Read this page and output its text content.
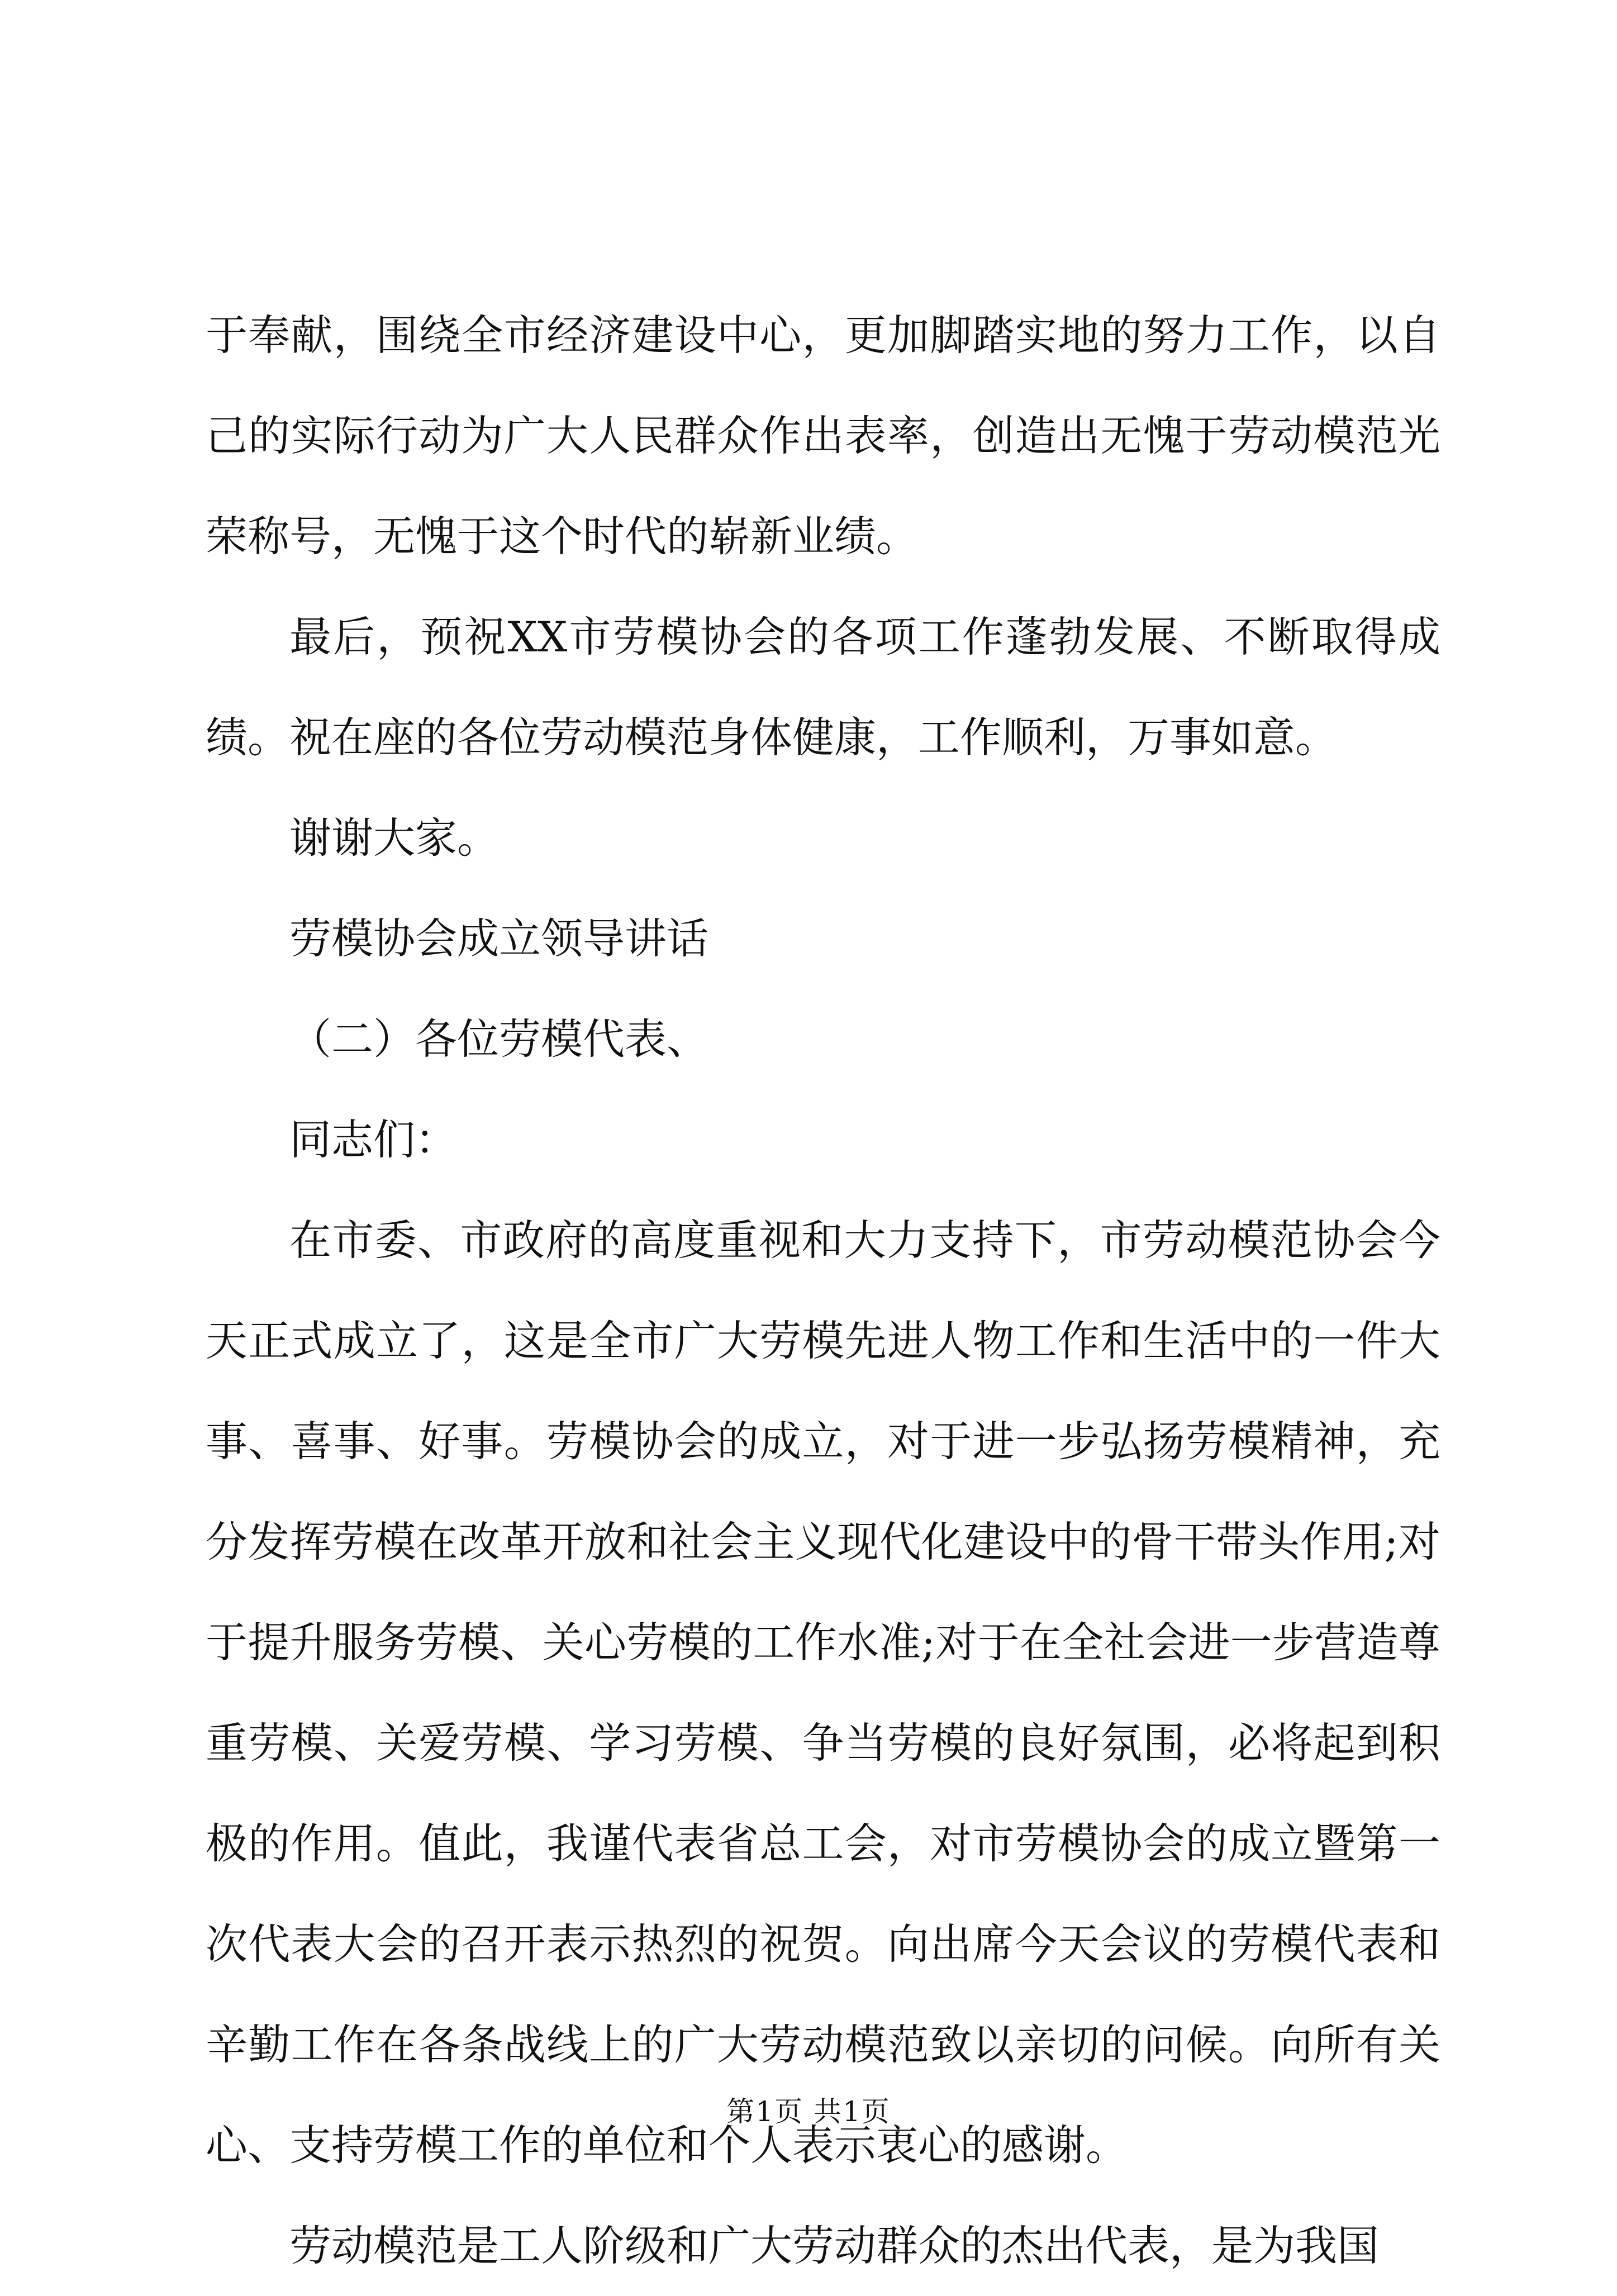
于奉献，围绕全市经济建设中心，更加脚踏实地的努力工作，以自己的实际行动为广大人民群众作出表率，创造出无愧于劳动模范光荣称号，无愧于这个时代的崭新业绩。

最后，预祝XX市劳模协会的各项工作蓬勃发展、不断取得成绩。祝在座的各位劳动模范身体健康，工作顺利，万事如意。

谢谢大家。

劳模协会成立领导讲话

（二）各位劳模代表、

同志们：

在市委、市政府的高度重视和大力支持下，市劳动模范协会今天正式成立了，这是全市广大劳模先进人物工作和生活中的一件大事、喜事、好事。劳模协会的成立，对于进一步弘扬劳模精神，充分发挥劳模在改革开放和社会主义现代化建设中的骨干带头作用;对于提升服务劳模、关心劳模的工作水准;对于在全社会进一步营造尊重劳模、关爱劳模、学习劳模、争当劳模的良好氛围，必将起到积极的作用。值此，我谨代表省总工会，对市劳模协会的成立暨第一次代表大会的召开表示热烈的祝贺。向出席今天会议的劳模代表和辛勤工作在各条战线上的广大劳动模范致以亲切的问候。向所有关心、支持劳模工作的单位和个人表示衷心的感谢。

劳动模范是工人阶级和广大劳动群众的杰出代表，是为我国

第1页 共1页
